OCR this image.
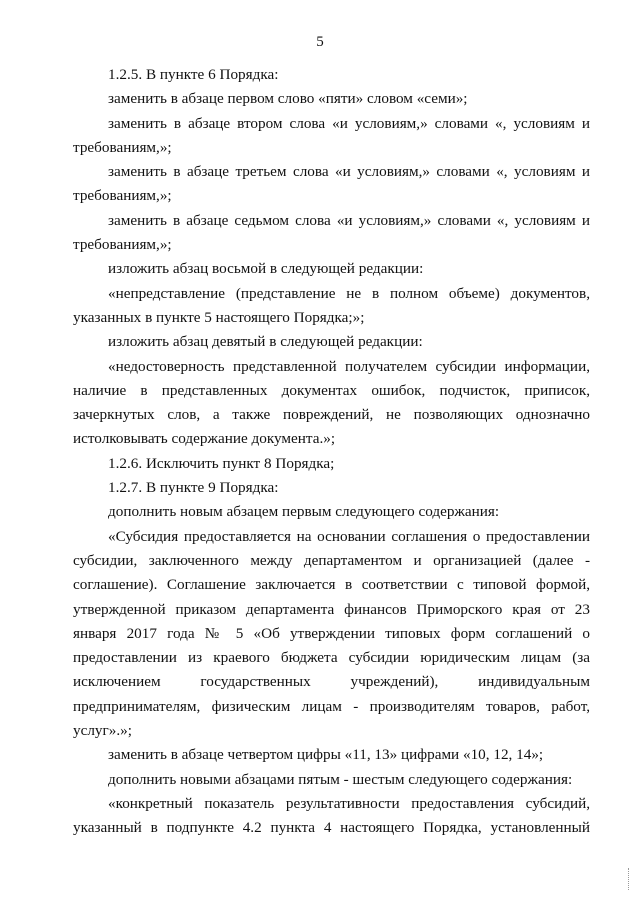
5

1.2.5. В пункте 6 Порядка:

заменить в абзаце первом слово «пяти» словом «семи»;

заменить в абзаце втором слова «и условиям,» словами «, условиям и требованиям,»;

заменить в абзаце третьем слова «и условиям,» словами «, условиям и требованиям,»;

заменить в абзаце седьмом слова «и условиям,» словами «, условиям и требованиям,»;

изложить абзац восьмой в следующей редакции:

«непредставление (представление не в полном объеме) документов, указанных в пункте 5 настоящего Порядка;»;

изложить абзац девятый в следующей редакции:

«недостоверность представленной получателем субсидии информации, наличие в представленных документах ошибок, подчисток, приписок, зачеркнутых слов, а также повреждений, не позволяющих однозначно истолковывать содержание документа.»;

1.2.6. Исключить пункт 8 Порядка;

1.2.7. В пункте 9 Порядка:

дополнить новым абзацем первым следующего содержания:

«Субсидия предоставляется на основании соглашения о предоставлении субсидии, заключенного между департаментом и организацией (далее - соглашение). Соглашение заключается в соответствии с типовой формой, утвержденной приказом департамента финансов Приморского края от 23 января 2017 года № 5 «Об утверждении типовых форм соглашений о предоставлении из краевого бюджета субсидии юридическим лицам (за исключением государственных учреждений), индивидуальным предпринимателям, физическим лицам - производителям товаров, работ, услуг».»;

заменить в абзаце четвертом цифры «11, 13» цифрами «10, 12, 14»;

дополнить новыми абзацами пятым - шестым следующего содержания:

«конкретный показатель результативности предоставления субсидий, указанный в подпункте 4.2 пункта 4 настоящего Порядка, установленный
